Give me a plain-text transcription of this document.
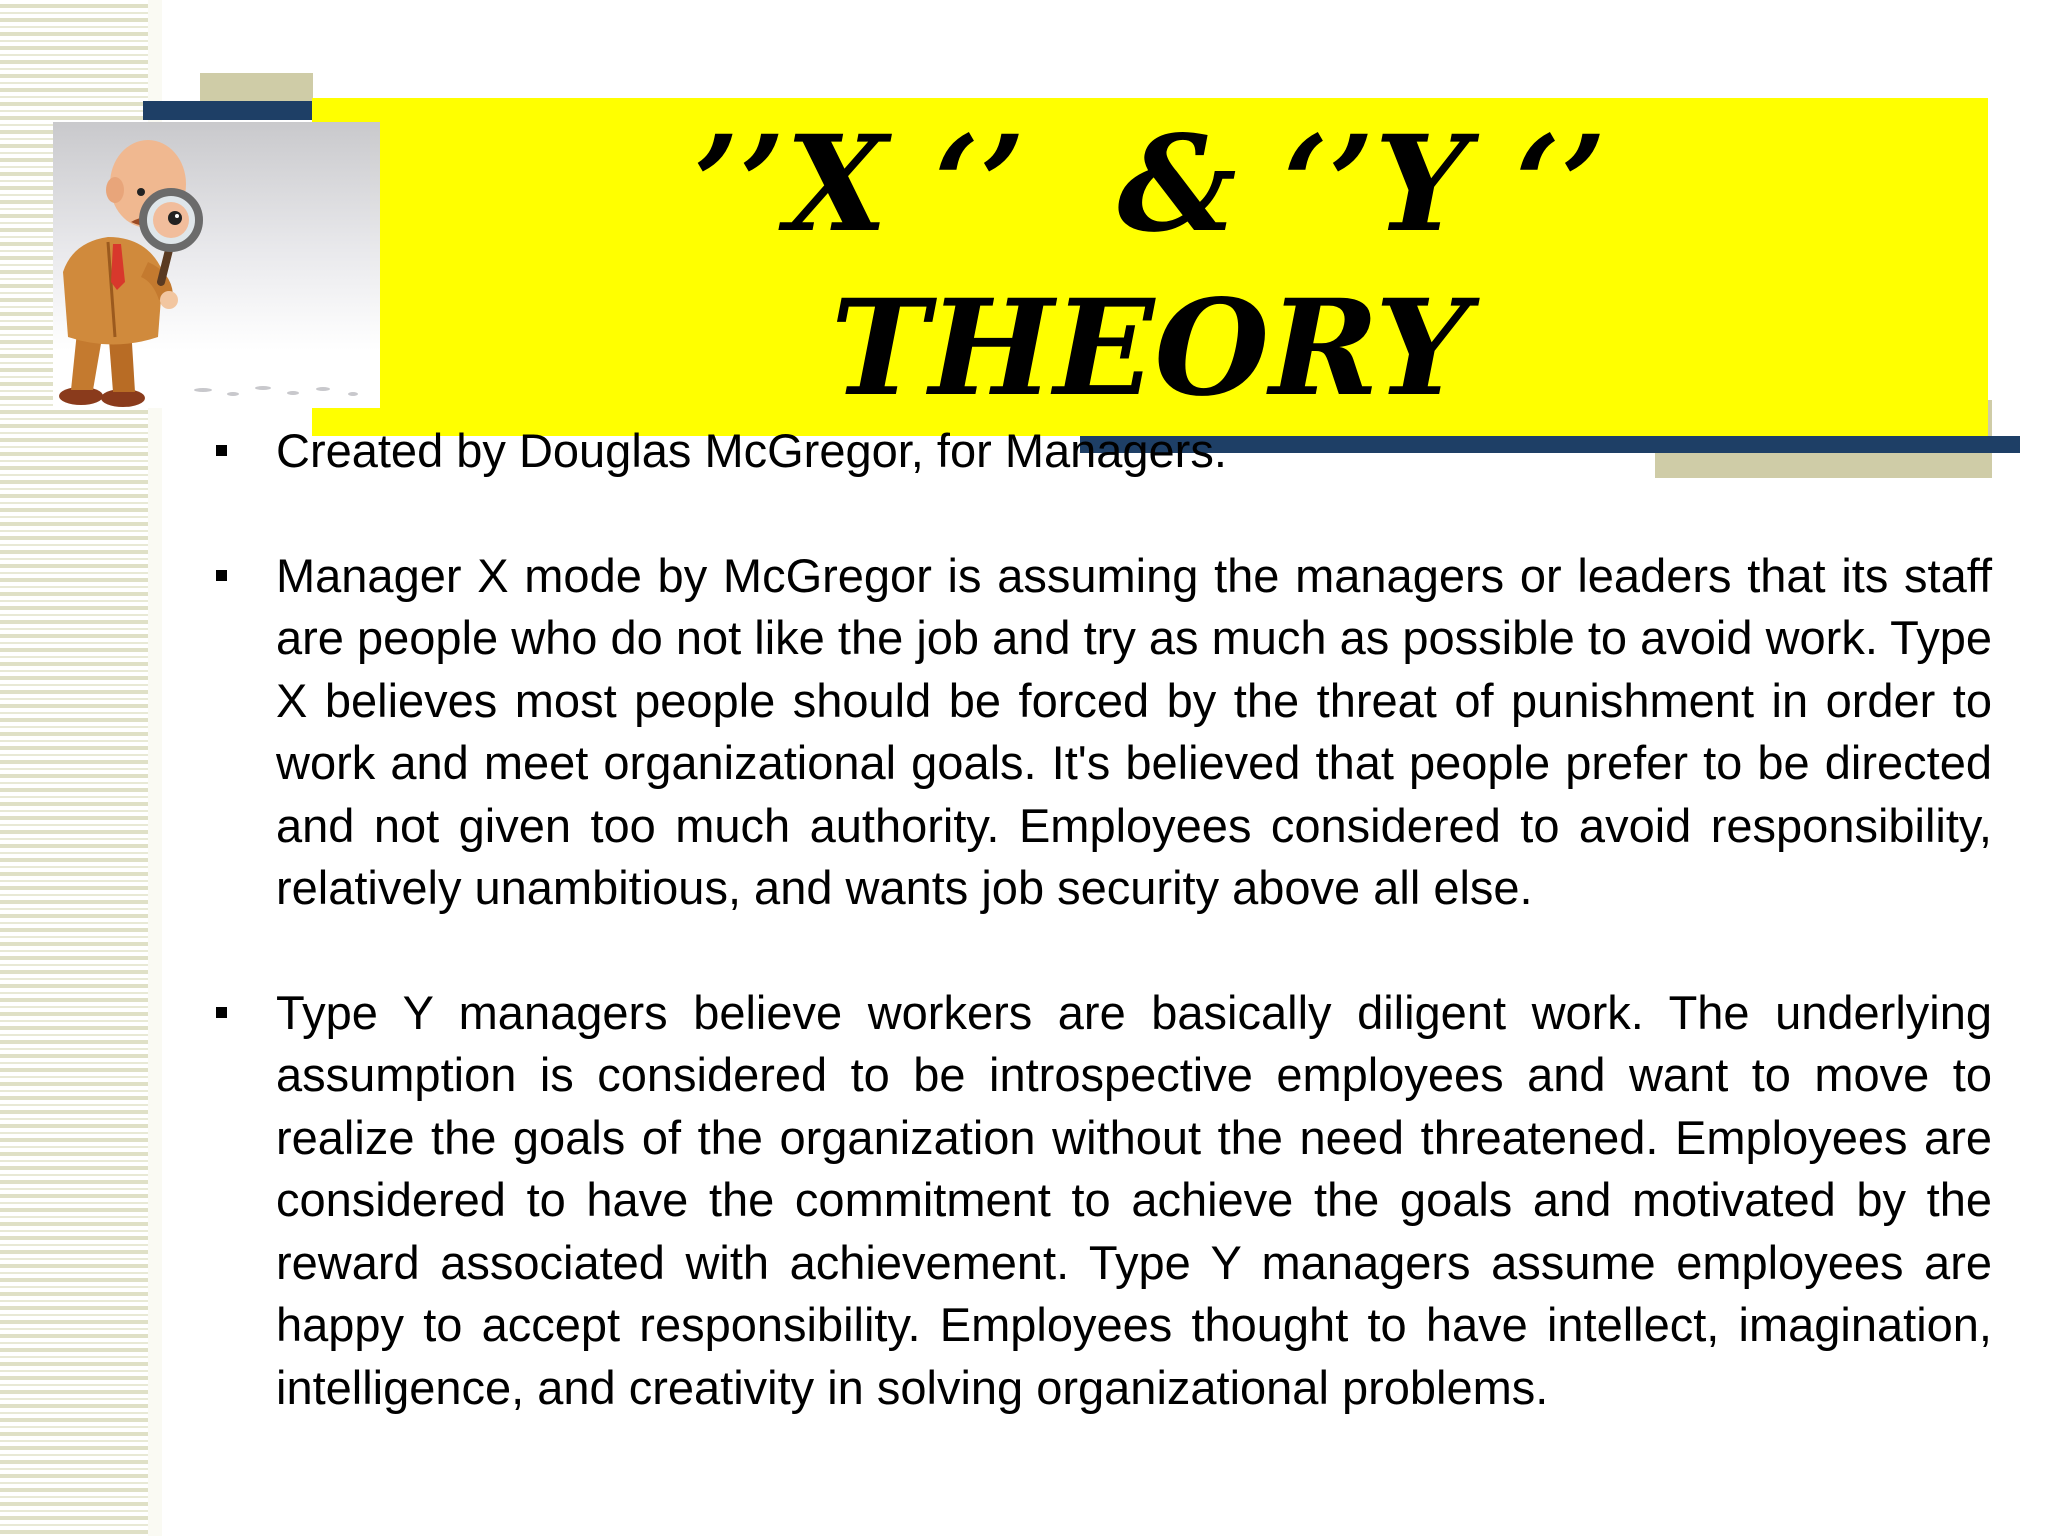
’’X ‘’  & ‘’Y ‘’
THEORY
Created by Douglas McGregor, for Managers.
Manager X mode by McGregor is assuming the managers or leaders that its staff are people who do not like the job and try as much as possible to avoid work. Type X believes most people should be forced by the threat of punishment in order to work and meet organizational goals. It's believed that people prefer to be directed and not given too much authority. Employees considered to avoid responsibility, relatively unambitious, and wants job security above all else.
Type Y managers believe workers are basically diligent work. The underlying assumption is considered to be introspective employees and want to move to realize the goals of the organization without the need threatened. Employees are considered to have the commitment to achieve the goals and motivated by the reward associated with achievement. Type Y managers assume employees are happy to accept responsibility. Employees thought to have intellect, imagination, intelligence, and creativity in solving organizational problems.
